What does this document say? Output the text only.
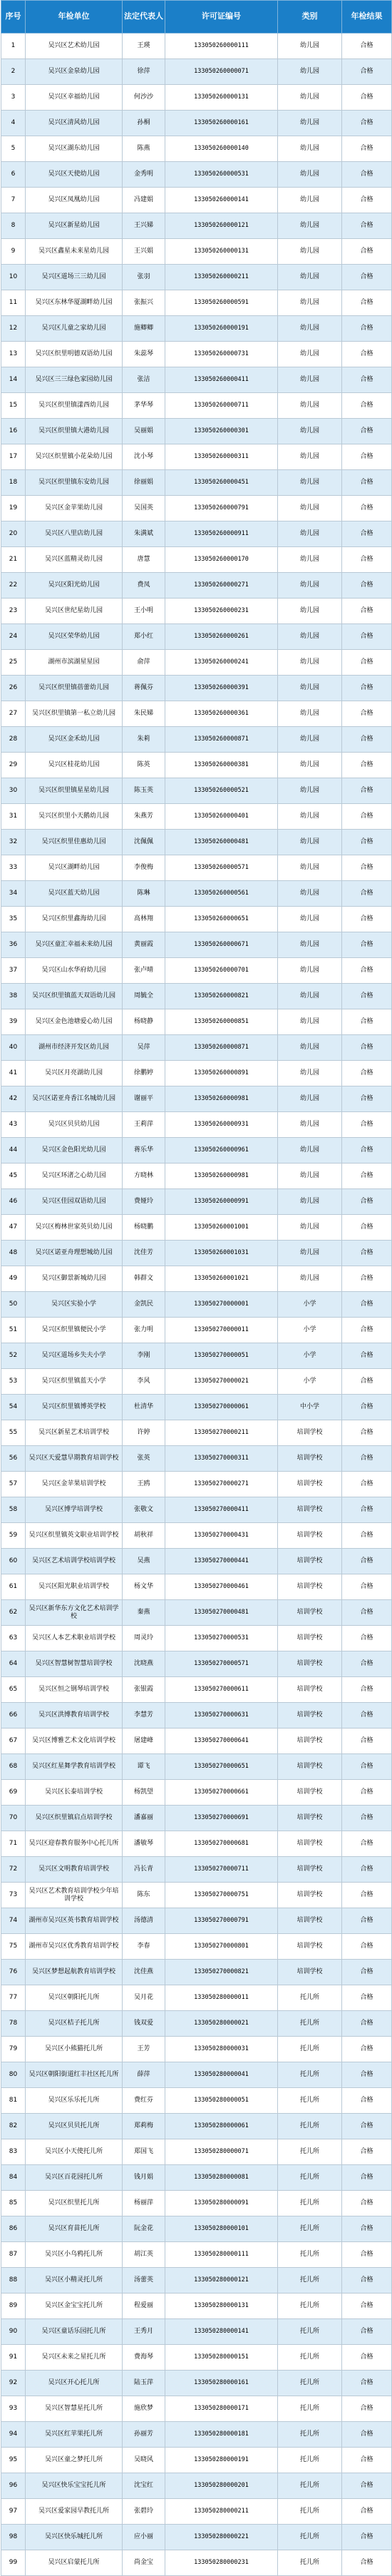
序号	年检单位	法定代表人	许可证编号	类别	年检结果
1	吴兴区艺术幼儿园	王瑛	133050260000111	幼儿园	合格
2	吴兴区金泉幼儿园	徐萍	133050260000071	幼儿园	合格
3	吴兴区幸福幼儿园	何沙沙	133050260000131	幼儿园	合格
4	吴兴区清风幼儿园	孙桐	133050260000161	幼儿园	合格
5	吴兴区湖东幼儿园	陈燕	133050260000140	幼儿园	合格
6	吴兴区天使幼儿园	金秀明	133050260000531	幼儿园	合格
7	吴兴区凤凰幼儿园	冯建娟	133050260000141	幼儿园	合格
8	吴兴区新星幼儿园	王兴娣	133050260000121	幼儿园	合格
9	吴兴区鑫星未来星幼儿园	王兴娟	133050260000131	幼儿园	合格
10	吴兴区道场三三幼儿园	张羽	133050260000211	幼儿园	合格
11	吴兴区东林华厦湖畔幼儿园	张振兴	133050260000591	幼儿园	合格
12	吴兴区儿童之家幼儿园	施卿卿	133050260000191	幼儿园	合格
13	吴兴区织里明德双语幼儿园	朱蕊琴	133050260000731	幼儿园	合格
14	吴兴区三三绿色家园幼儿园	张洁	133050260000411	幼儿园	合格
15	吴兴区织里镇漾西幼儿园	茅华琴	133050260000711	幼儿园	合格
16	吴兴区织里镇大港幼儿园	吴丽娟	133050260000301	幼儿园	合格
17	吴兴区织里镇小花朵幼儿园	沈小琴	133050260000311	幼儿园	合格
18	吴兴区织里镇东安幼儿园	徐丽娟	133050260000451	幼儿园	合格
19	吴兴区金苹果幼儿园	吴国英	133050260000791	幼儿园	合格
20	吴兴区八里店幼儿园	朱满斌	133050260000911	幼儿园	合格
21	吴兴区蓝精灵幼儿园	唐慧	133050260000170	幼儿园	合格
22	吴兴区阳光幼儿园	费凤	133050260000271	幼儿园	合格
23	吴兴区世纪星幼儿园	王小明	133050260000231	幼儿园	合格
24	吴兴区荣华幼儿园	郑小红	133050260000261	幼儿园	合格
25	湖州市滨湖星星园	俞萍	133050260000241	幼儿园	合格
26	吴兴区织里镇蓓蕾幼儿园	蒋佩芬	133050260000391	幼儿园	合格
27	吴兴区织里镇第一私立幼儿园	朱民娣	133050260000361	幼儿园	合格
28	吴兴区金禾幼儿园	朱莉	133050260000871	幼儿园	合格
29	吴兴区桂花幼儿园	陈英	133050260000381	幼儿园	合格
30	吴兴区织里镇星星幼儿园	陈玉英	133050260000521	幼儿园	合格
31	吴兴区织里小天鹅幼儿园	朱燕芳	133050260000401	幼儿园	合格
32	吴兴区织里佳惠幼儿园	沈佩佩	133050260000481	幼儿园	合格
33	吴兴区湖畔幼儿园	李俊梅	133050260000571	幼儿园	合格
34	吴兴区蓝天幼儿园	陈琳	133050260000561	幼儿园	合格
35	吴兴区织里鑫海幼儿园	高林翔	133050260000651	幼儿园	合格
36	吴兴区童汇幸福未来幼儿园	黄丽霞	133050260000671	幼儿园	合格
37	吴兴区山水华府幼儿园	张卢晴	133050260000701	幼儿园	合格
38	吴兴区织里镇蓝天双语幼儿园	周毓全	133050260000821	幼儿园	合格
39	吴兴区金色池塘爱心幼儿园	杨晓静	133050260000851	幼儿园	合格
40	湖州市经济开发区幼儿园	吴萍	133050260000871	幼儿园	合格
41	吴兴区月亮湖幼儿园	徐鹏婷	133050260000891	幼儿园	合格
42	吴兴区诺亚舟香江名城幼儿园	谢丽平	133050260000981	幼儿园	合格
43	吴兴区贝贝幼儿园	王莉萍	133050260000931	幼儿园	合格
44	吴兴区金色阳光幼儿园	蒋乐华	133050260000961	幼儿园	合格
45	吴兴区环渚之心幼儿园	方晓林	133050260000981	幼儿园	合格
46	吴兴区佳园双语幼儿园	费娅玲	133050260000991	幼儿园	合格
47	吴兴区梅林世家英贝幼儿园	杨晓鹏	133050260001001	幼儿园	合格
48	吴兴区诺亚舟理想城幼儿园	沈佳芳	133050260001031	幼儿园	合格
49	吴兴区御景新城幼儿园	韩群文	133050260001021	幼儿园	合格
50	吴兴区实验小学	金凯民	133050270000001	小学	合格
51	吴兴区织里镇便民小学	张力明	133050270000011	小学	合格
52	吴兴区道场乡失夫小学	李刚	133050270000051	小学	合格
53	吴兴区织里镇蓝天小学	李风	133050270000021	小学	合格
54	吴兴区织里镇博英学校	杜清华	133050270000061	中小学	合格
55	吴兴区新星艺术培训学校	许婷	133050270000211	培训学校	合格
56	吴兴区天爱慧早期教育培训学校	张英	133050270000311	培训学校	合格
57	吴兴区金苹果培训学校	王鸥	133050270000271	培训学校	合格
58	吴兴区博学培训学校	张敬文	133050270000411	培训学校	合格
59	吴兴区织里镇英文职业培训学校	胡秋祥	133050270000431	培训学校	合格
60	吴兴区艺术培训学校培训学校	吴燕	133050270000441	培训学校	合格
61	吴兴区阳光职业培训学校	杨文华	133050270000461	培训学校	合格
62	吴兴区新华东方文化艺术培训学校	秦燕	133050270000481	培训学校	合格
63	吴兴区人本艺术职业培训学校	周灵玲	133050270000531	培训学校	合格
64	吴兴区智慧树智慧培训学校	沈晓燕	133050270000571	培训学校	合格
65	吴兴区恒之钢琴培训学校	张银霞	133050270000611	培训学校	合格
66	吴兴区洪博教育培训学校	李慧芳	133050270000631	培训学校	合格
67	吴兴区博雅艺术文化培训学校	屠建峰	133050270000641	培训学校	合格
68	吴兴区红星舞学教育培训学校	谭飞	133050270000651	培训学校	合格
69	吴兴区长泰培训学校	杨凯望	133050270000661	培训学校	合格
70	吴兴区织里镇启点培训学校	潘嘉丽	133050270000691	培训学校	合格
71	吴兴区迎春教育服务中心托儿所	潘敏琴	133050270000681	培训学校	合格
72	吴兴区文明教育培训学校	冯长青	133050270000711	培训学校	合格
73	吴兴区艺术教育培训学校少年培训学校	陈东	133050270000751	培训学校	合格
74	湖州市吴兴区英书教育培训学校	汤德清	133050270000791	培训学校	合格
75	湖州市吴兴区优秀教育培训学校	李春	133050270000801	培训学校	合格
76	吴兴区梦想起航教育培训学校	沈佳燕	133050270000821	培训学校	合格
77	吴兴区朝阳托儿所	吴月花	133050280000011	托儿所	合格
78	吴兴区桔子托儿所	钱双爱	133050280000021	托儿所	合格
79	吴兴区小熊猫托儿所	王芳	133050280000031	托儿所	合格
80	吴兴区朝阳街道红丰社区托儿所	薛萍	133050280000041	托儿所	合格
81	吴兴区乐乐托儿所	费红芬	133050280000051	托儿所	合格
82	吴兴区贝贝托儿所	郑莉梅	133050280000061	托儿所	合格
83	吴兴区小天使托儿所	郑国飞	133050280000071	托儿所	合格
84	吴兴区百花园托儿所	钱月娟	133050280000081	托儿所	合格
85	吴兴区织里托儿所	杨丽萍	133050280000091	托儿所	合格
86	吴兴区育苗托儿所	阮金花	133050280000101	托儿所	合格
87	吴兴区小乌鸦托儿所	胡江英	133050280000111	托儿所	合格
88	吴兴区小精灵托儿所	汤蕾英	133050280000121	托儿所	合格
89	吴兴区金宝宝托儿所	程爱丽	133050280000131	托儿所	合格
90	吴兴区童话乐园托儿所	王秀月	133050280000141	托儿所	合格
91	吴兴区未来之星托儿所	费海琴	133050280000151	托儿所	合格
92	吴兴区开心托儿所	陆玉萍	133050280000161	托儿所	合格
93	吴兴区智慧星托儿所	施欣梦	133050280000171	托儿所	合格
94	吴兴区红苹果托儿所	孙丽芳	133050280000181	托儿所	合格
95	吴兴区童之梦托儿所	吴晓风	133050280000191	托儿所	合格
96	吴兴区快乐宝宝托儿所	沈宝红	133050280000201	托儿所	合格
97	吴兴区爱家园早教托儿所	张碧玲	133050280000211	托儿所	合格
98	吴兴区快乐城托儿所	应小丽	133050280000221	托儿所	合格
99	吴兴区启蒙托儿所	尚金宝	133050280000231	托儿所	合格
